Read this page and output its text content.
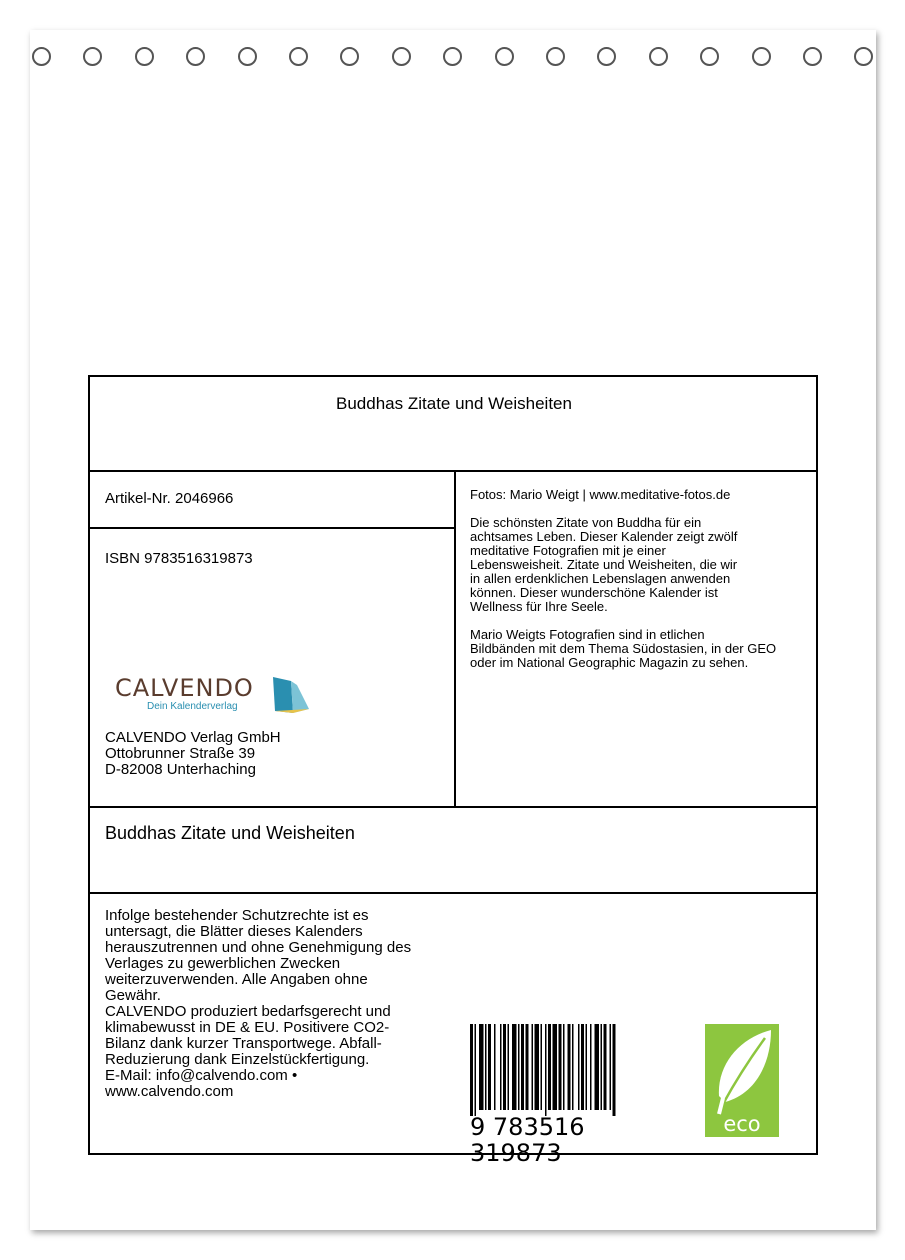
Buddhas Zitate und Weisheiten
Artikel-Nr. 2046966
ISBN 9783516319873
CALVENDO
Dein Kalenderverlag
CALVENDO Verlag GmbH
Ottobrunner Straße 39
D-82008 Unterhaching

Fotos: Mario Weigt | www.meditative-fotos.de

Die schönsten Zitate von Buddha für ein
achtsames Leben. Dieser Kalender zeigt zwölf
meditative Fotografien mit je einer
Lebensweisheit. Zitate und Weisheiten, die wir
in allen erdenklichen Lebenslagen anwenden
können. Dieser wunderschöne Kalender ist
Wellness für Ihre Seele.

Mario Weigts Fotografien sind in etlichen
Bildbänden mit dem Thema Südostasien, in der GEO
oder im National Geographic Magazin zu sehen.

Buddhas Zitate und Weisheiten
Infolge bestehender Schutzrechte ist es
untersagt, die Blätter dieses Kalenders
herauszutrennen und ohne Genehmigung des
Verlages zu gewerblichen Zwecken
weiterzuverwenden. Alle Angaben ohne
Gewähr.
CALVENDO produziert bedarfsgerecht und
klimabewusst in DE & EU. Positivere CO2-
Bilanz dank kurzer Transportwege. Abfall-
Reduzierung dank Einzelstückfertigung.
E-Mail: info@calvendo.com •
www.calvendo.com
9 783516 319873
eco
